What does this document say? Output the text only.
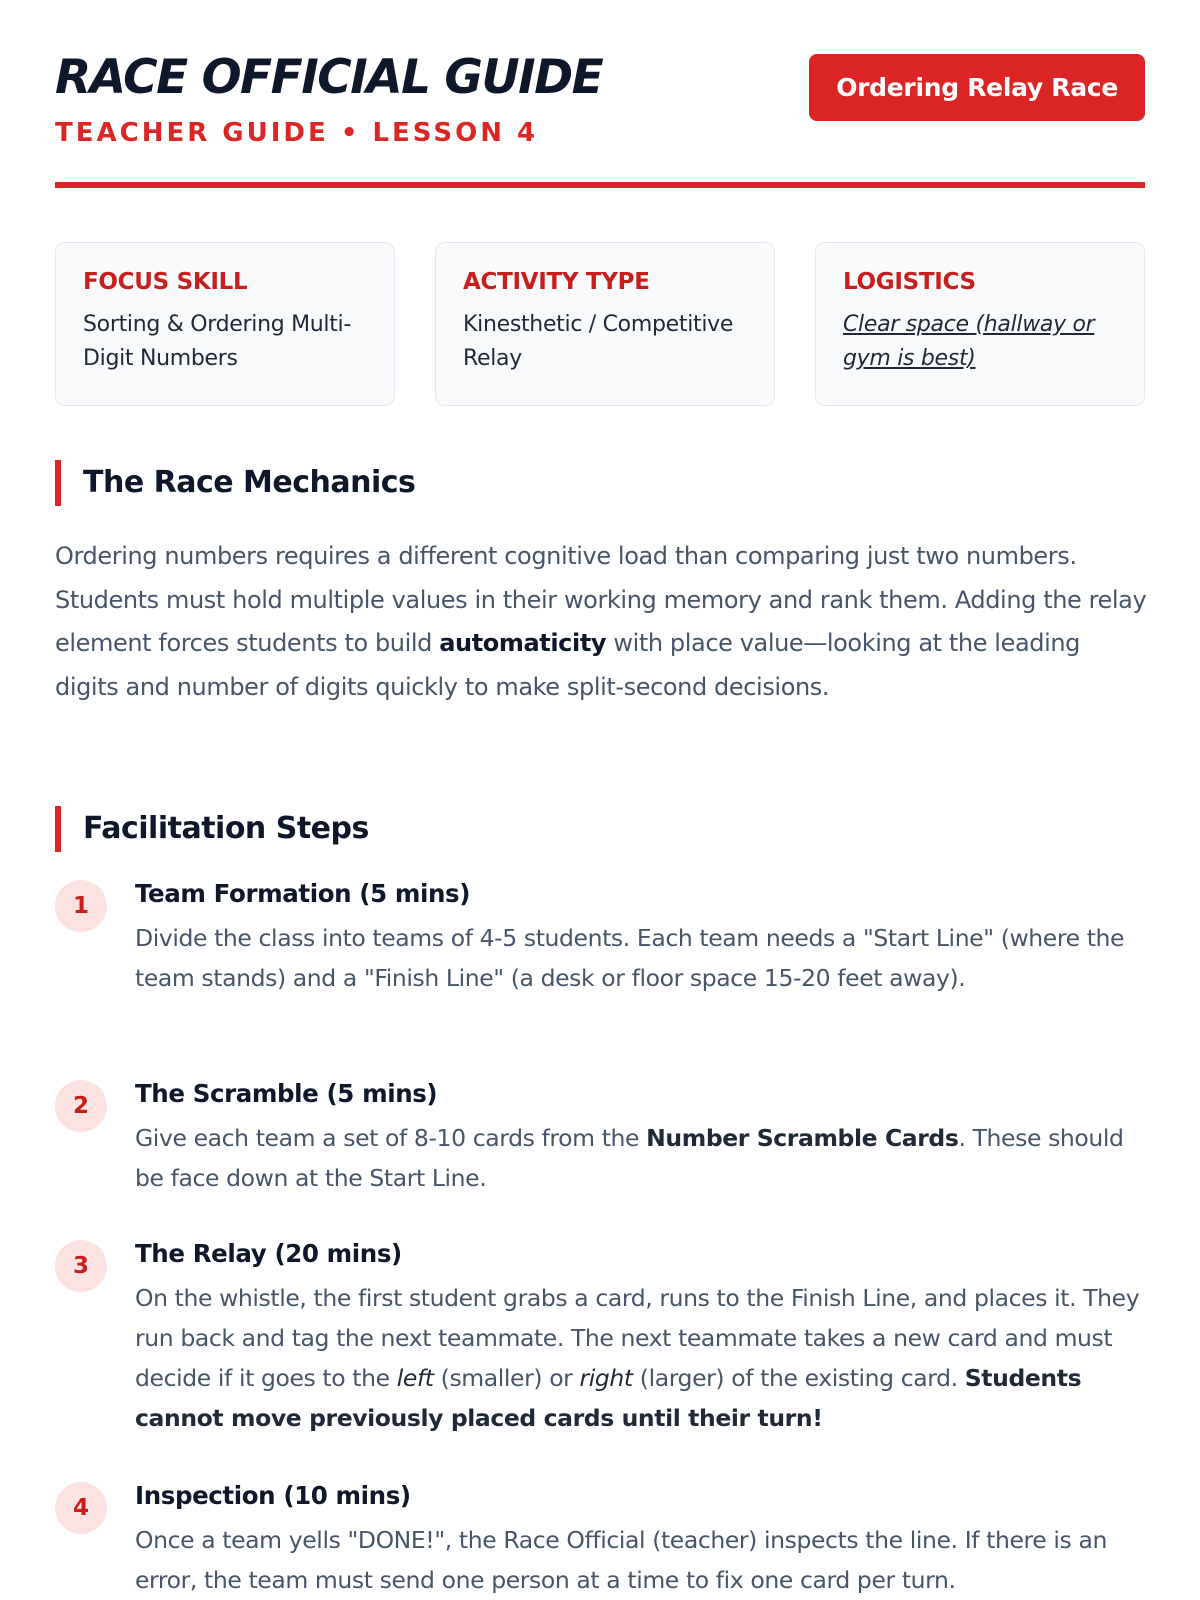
RACE OFFICIAL GUIDE
TEACHER GUIDE • LESSON 4
Ordering Relay Race
FOCUS SKILL
Sorting & Ordering Multi-Digit Numbers
ACTIVITY TYPE
Kinesthetic / Competitive Relay
LOGISTICS
Clear space (hallway or gym is best)
The Race Mechanics

Ordering numbers requires a different cognitive load than comparing just two numbers. Students must hold multiple values in their working memory and rank them. Adding the relay element forces students to build automaticity with place value—looking at the leading digits and number of digits quickly to make split-second decisions.

Facilitation Steps
1	Team Formation (5 mins)

Divide the class into teams of 4-5 students. Each team needs a "Start Line" (where the team stands) and a "Finish Line" (a desk or floor space 15-20 feet away).

2	The Scramble (5 mins)

Give each team a set of 8-10 cards from the Number Scramble Cards. These should be face down at the Start Line.

3	The Relay (20 mins)

On the whistle, the first student grabs a card, runs to the Finish Line, and places it. They run back and tag the next teammate. The next teammate takes a new card and must decide if it goes to the left (smaller) or right (larger) of the existing card. Students cannot move previously placed cards until their turn!

4	Inspection (10 mins)

Once a team yells "DONE!", the Race Official (teacher) inspects the line. If there is an error, the team must send one person at a time to fix one card per turn.
